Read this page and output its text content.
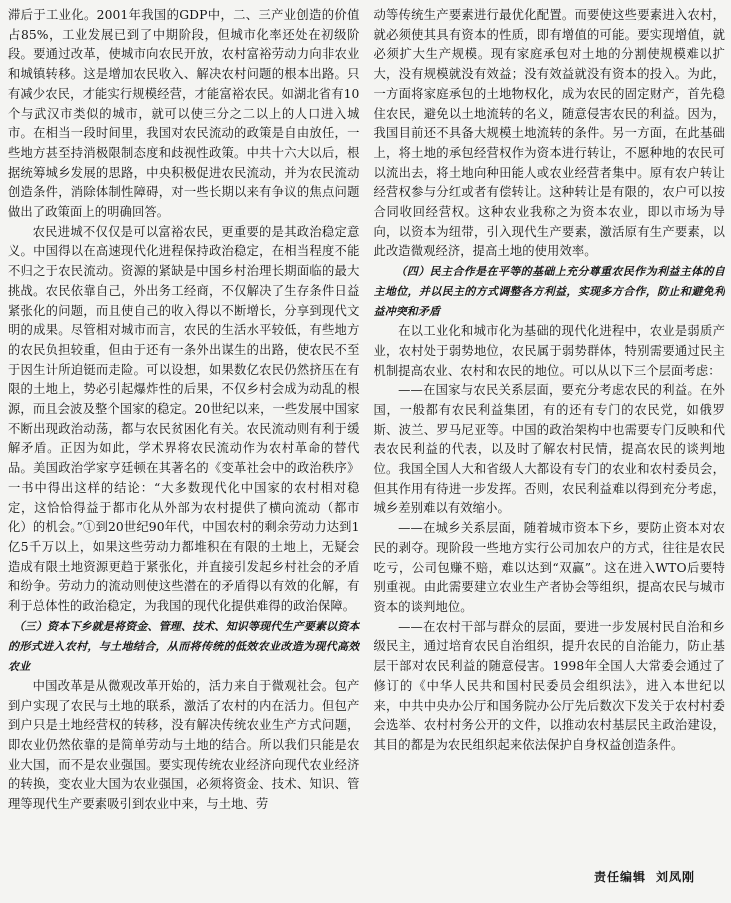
滞后于工业化。2001年我国的GDP中，二、三产业创造的价值占85%，工业发展已到了中期阶段，但城市化率还处在初级阶段。要通过改革，使城市向农民开放，农村富裕劳动力向非农业和城镇转移。这是增加农民收入、解决农村问题的根本出路。只有减少农民，才能实行规模经营，才能富裕农民。如湖北省有10个与武汉市类似的城市，就可以使三分之二以上的人口进入城市。在相当一段时间里，我国对农民流动的政策是自由放任，一些地方甚至持消极限制态度和歧视性政策。中共十六大以后，根据统筹城乡发展的思路，中央积极促进农民流动，并为农民流动创造条件，消除体制性障碍，对一些长期以来有争议的焦点问题做出了政策面上的明确回答。

农民进城不仅仅是可以富裕农民，更重要的是其政治稳定意义。中国得以在高速现代化进程保持政治稳定，在相当程度不能不归之于农民流动。资源的紧缺是中国乡村治理长期面临的最大挑战。农民依靠自己，外出务工经商，不仅解决了生存条件日益紧张化的问题，而且使自己的收入得以不断增长，分享到现代文明的成果。尽管相对城市而言，农民的生活水平较低，有些地方的农民负担较重，但由于还有一条外出谋生的出路，使农民不至于因生计所迫铤而走险。可以设想，如果数亿农民仍然挤压在有限的土地上，势必引起爆炸性的后果，不仅乡村会成为动乱的根源，而且会波及整个国家的稳定。20世纪以来，一些发展中国家不断出现政治动荡，都与农民贫困化有关。农民流动则有利于缓解矛盾。正因为如此，学术界将农民流动作为农村革命的替代品。美国政治学家亨廷顿在其著名的《变革社会中的政治秩序》一书中得出这样的结论：“大多数现代化中国家的农村相对稳定，这恰恰得益于都市化从外部为农村提供了横向流动（都市化）的机会。”①到20世纪90年代，中国农村的剩余劳动力达到1亿5千万以上，如果这些劳动力都堆积在有限的土地上，无疑会造成有限土地资源更趋于紧张化，并直接引发起乡村社会的矛盾和纷争。劳动力的流动则使这些潜在的矛盾得以有效的化解，有利于总体性的政治稳定，为我国的现代化提供难得的政治保障。

（三）资本下乡就是将资金、管理、技术、知识等现代生产要素以资本的形式进入农村，与土地结合，从而将传统的低效农业改造为现代高效农业

中国改革是从微观改革开始的，活力来自于微观社会。包产到户实现了农民与土地的联系，激活了农村的内在活力。但包产到户只是土地经营权的转移，没有解决传统农业生产方式问题，即农业仍然依靠的是简单劳动与土地的结合。所以我们只能是农业大国，而不是农业强国。要实现传统农业经济向现代农业经济的转换，变农业大国为农业强国，必须将资金、技术、知识、管理等现代生产要素吸引到农业中来，与土地、劳

动等传统生产要素进行最优化配置。而要使这些要素进入农村，就必须使其具有资本的性质，即有增值的可能。要实现增值，就必须扩大生产规模。现有家庭承包对土地的分割使规模难以扩大，没有规模就没有效益；没有效益就没有资本的投入。为此，一方面将家庭承包的土地物权化，成为农民的固定财产，首先稳住农民，避免以土地流转的名义，随意侵害农民的利益。因为，我国目前还不具备大规模土地流转的条件。另一方面，在此基础上，将土地的承包经营权作为资本进行转让，不愿种地的农民可以流出去，将土地向种田能人或农业经营者集中。原有农户转让经营权参与分红或者有偿转让。这种转让是有限的，农户可以按合同收回经营权。这种农业我称之为资本农业，即以市场为导向，以资本为纽带，引入现代生产要素，激活原有生产要素，以此改造微观经济，提高土地的使用效率。

（四）民主合作是在平等的基础上充分尊重农民作为利益主体的自主地位，并以民主的方式调整各方利益，实现多方合作，防止和避免利益冲突和矛盾

在以工业化和城市化为基础的现代化进程中，农业是弱质产业，农村处于弱势地位，农民属于弱势群体，特别需要通过民主机制提高农业、农村和农民的地位。可以从以下三个层面考虑：

——在国家与农民关系层面，要充分考虑农民的利益。在外国，一般都有农民利益集团，有的还有专门的农民党，如俄罗斯、波兰、罗马尼亚等。中国的政治架构中也需要专门反映和代表农民利益的代表，以及时了解农村民情，提高农民的谈判地位。我国全国人大和省级人大都设有专门的农业和农村委员会，但其作用有待进一步发挥。否则，农民利益难以得到充分考虑，城乡差别难以有效缩小。

——在城乡关系层面，随着城市资本下乡，要防止资本对农民的剥夺。现阶段一些地方实行公司加农户的方式，往往是农民吃亏，公司包赚不赔，难以达到“双赢”。这在进入WTO后要特别重视。由此需要建立农业生产者协会等组织，提高农民与城市资本的谈判地位。

——在农村干部与群众的层面，要进一步发展村民自治和乡级民主，通过培育农民自治组织，提升农民的自治能力，防止基层干部对农民利益的随意侵害。1998年全国人大常委会通过了修订的《中华人民共和国村民委员会组织法》，进入本世纪以来，中共中央办公厅和国务院办公厅先后数次下发关于农村村委会选举、农村村务公开的文件，以推动农村基层民主政治建设，其目的都是为农民组织起来依法保护自身权益创造条件。

责任编辑 刘凤刚
